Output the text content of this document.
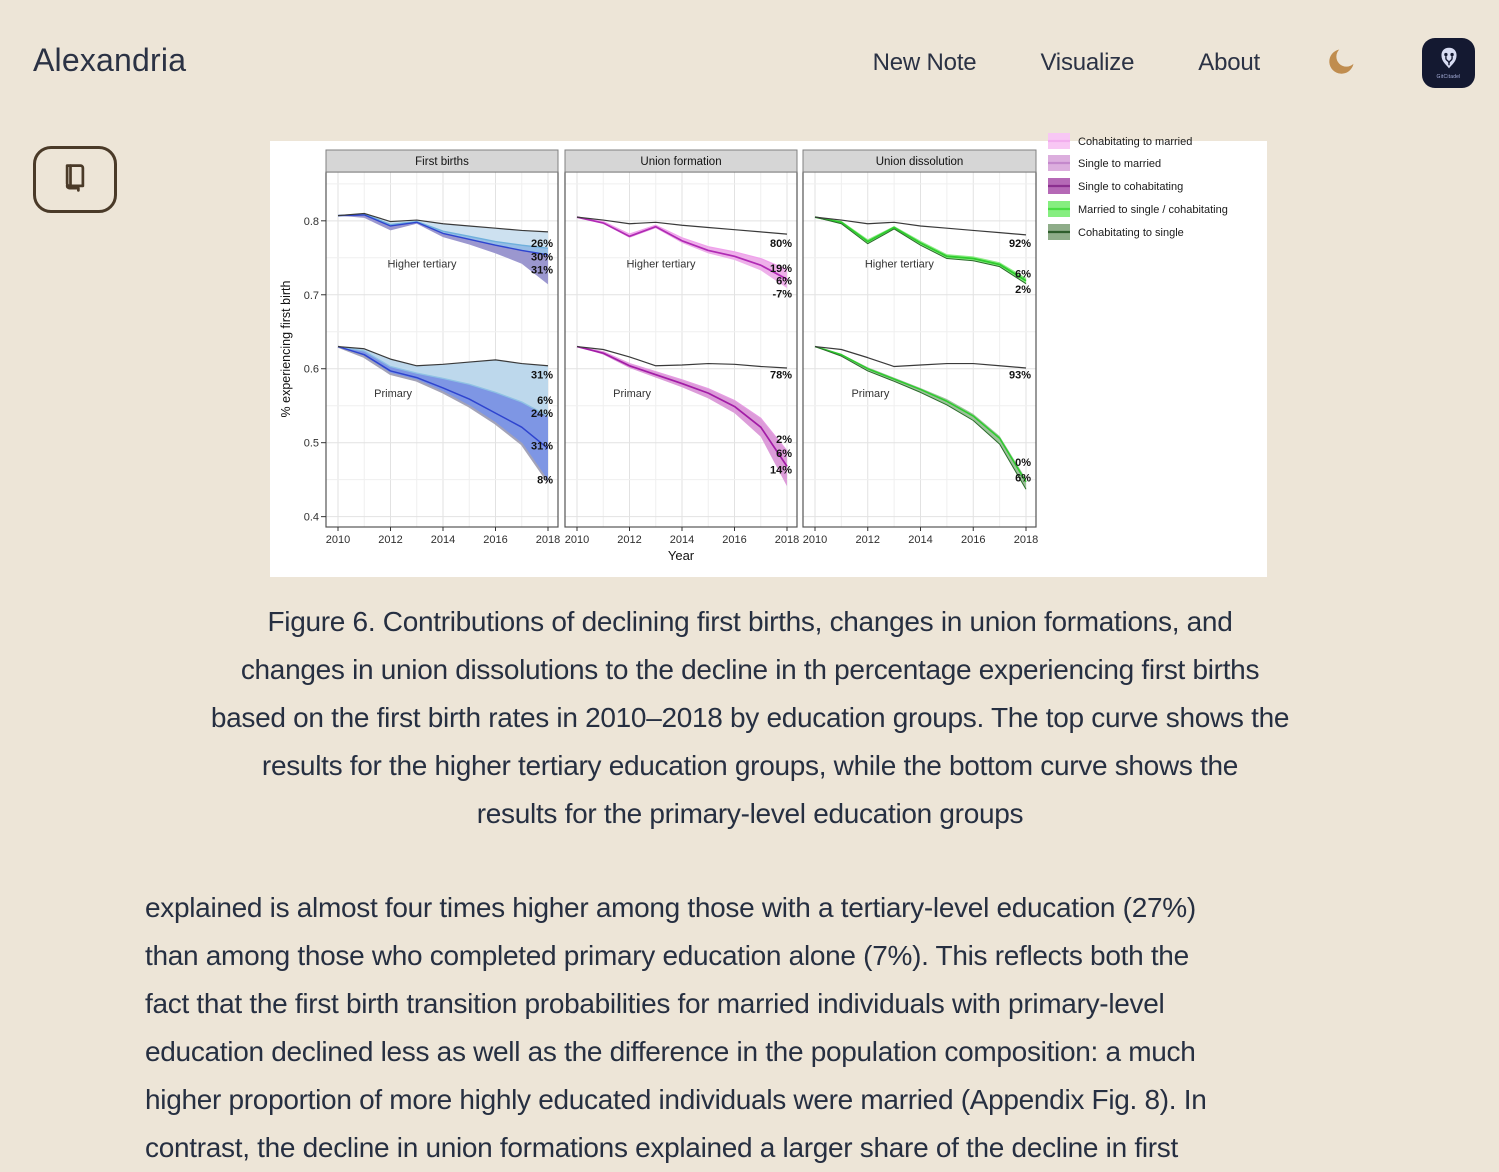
Alexandria	New Note	Visualize	About
GitCitadel
26%
30%
31%
Higher tertiary
31%
6%
24%
31%
8%
Primary
First births
2010	2012	2014	2016	2018
80%
19%
6%
-7%
Higher tertiary
78%
2%
6%
14%
Primary
Union formation
2010	2012	2014	2016	2018
92%
6%
2%
Higher tertiary
93%
0%
6%
Primary
Union dissolution
2010	2012	2014	2016	2018
0.4
0.5
0.6
0.7
0.8
% experiencing first birth
Year
Cohabitating to married
Single to married
Single to cohabitating
Married to single / cohabitating
Cohabitating to single
Figure 6. Contributions of declining first births, changes in union formations, and
changes in union dissolutions to the decline in th percentage experiencing first births
based on the first birth rates in 2010–2018 by education groups. The top curve shows the
results for the higher tertiary education groups, while the bottom curve shows the
results for the primary-level education groups
explained is almost four times higher among those with a tertiary-level education (27%)
than among those who completed primary education alone (7%). This reflects both the
fact that the first birth transition probabilities for married individuals with primary-level
education declined less as well as the difference in the population composition: a much
higher proportion of more highly educated individuals were married (Appendix Fig. 8). In
contrast, the decline in union formations explained a larger share of the decline in first
